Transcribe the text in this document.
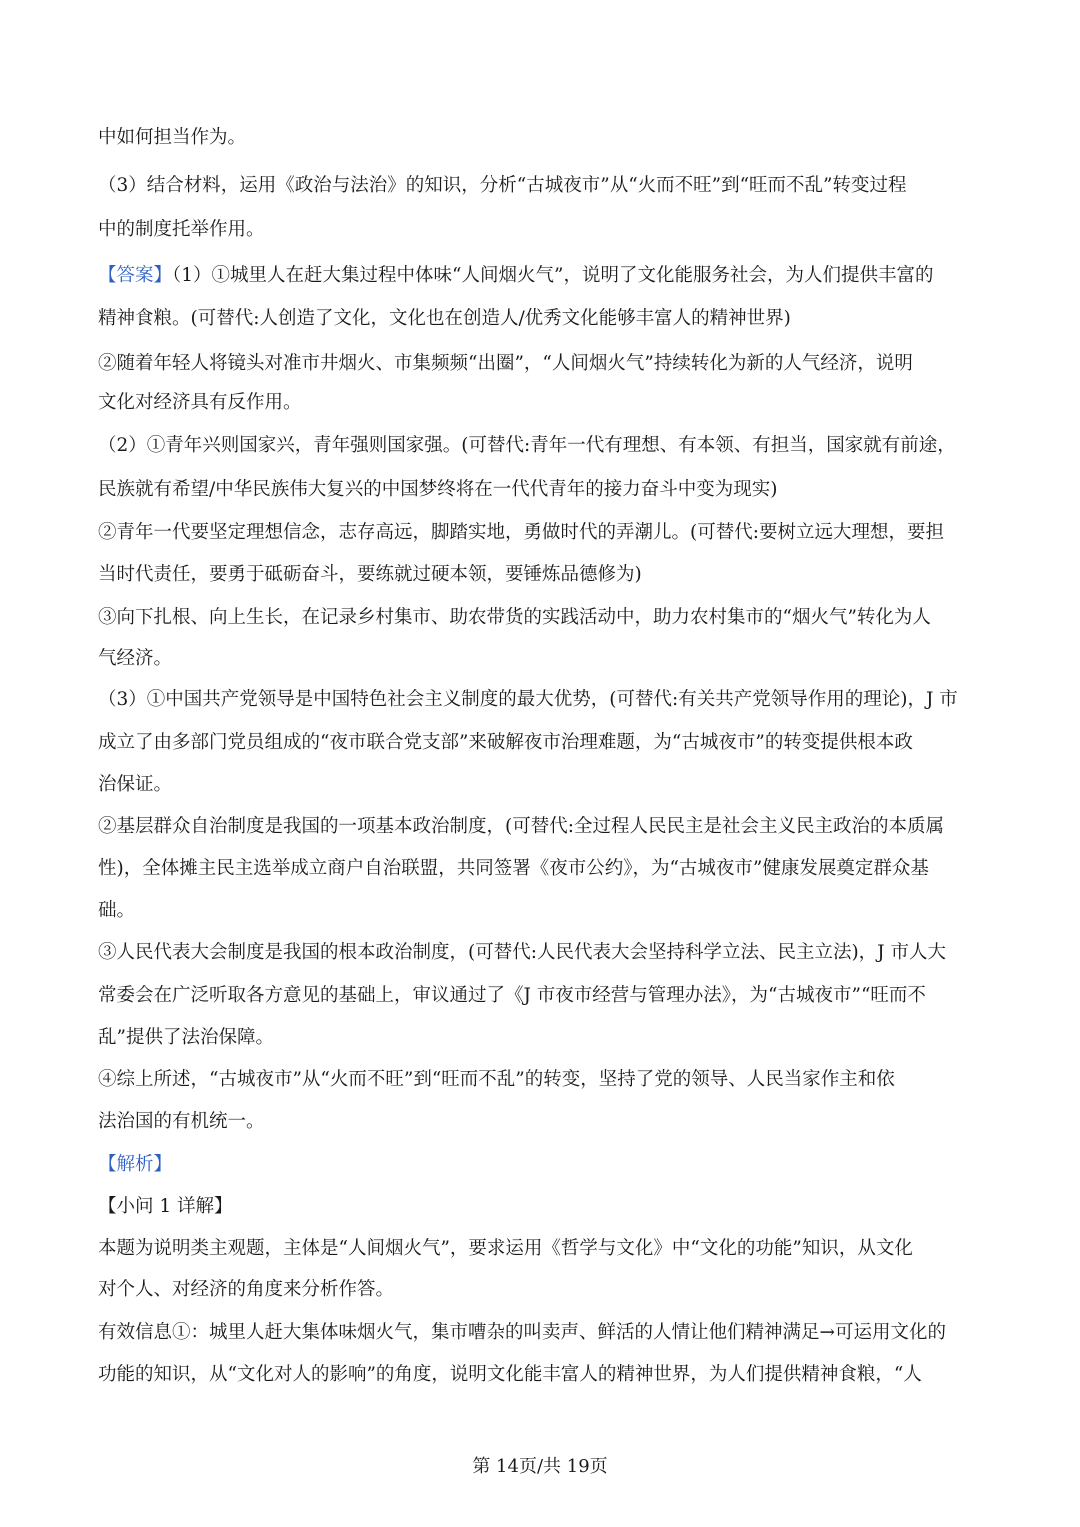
中如何担当作为。
（3）结合材料，运用《政治与法治》的知识，分析“古城夜市”从“火而不旺”到“旺而不乱”转变过程
中的制度托举作用。
【答案】（1）①城里人在赶大集过程中体味“人间烟火气”，说明了文化能服务社会，为人们提供丰富的
精神食粮。(可替代:人创造了文化，文化也在创造人/优秀文化能够丰富人的精神世界)
②随着年轻人将镜头对准市井烟火、市集频频“出圈”，“人间烟火气”持续转化为新的人气经济，说明
文化对经济具有反作用。
（2）①青年兴则国家兴，青年强则国家强。(可替代:青年一代有理想、有本领、有担当，国家就有前途，
民族就有希望/中华民族伟大复兴的中国梦终将在一代代青年的接力奋斗中变为现实)
②青年一代要坚定理想信念，志存高远，脚踏实地，勇做时代的弄潮儿。(可替代:要树立远大理想，要担
当时代责任，要勇于砥砺奋斗，要练就过硬本领，要锤炼品德修为)
③向下扎根、向上生长，在记录乡村集市、助农带货的实践活动中，助力农村集市的“烟火气”转化为人
气经济。
（3）①中国共产党领导是中国特色社会主义制度的最大优势，(可替代:有关共产党领导作用的理论)，J 市
成立了由多部门党员组成的“夜市联合党支部”来破解夜市治理难题，为“古城夜市”的转变提供根本政
治保证。
②基层群众自治制度是我国的一项基本政治制度，(可替代:全过程人民民主是社会主义民主政治的本质属
性)，全体摊主民主选举成立商户自治联盟，共同签署《夜市公约》，为“古城夜市”健康发展奠定群众基
础。
③人民代表大会制度是我国的根本政治制度，(可替代:人民代表大会坚持科学立法、民主立法)，J 市人大
常委会在广泛听取各方意见的基础上，审议通过了《J 市夜市经营与管理办法》，为“古城夜市”“旺而不
乱”提供了法治保障。
④综上所述，“古城夜市”从“火而不旺”到“旺而不乱”的转变，坚持了党的领导、人民当家作主和依
法治国的有机统一。
【解析】
【小问 1 详解】
本题为说明类主观题，主体是“人间烟火气”，要求运用《哲学与文化》中“文化的功能”知识，从文化
对个人、对经济的角度来分析作答。
有效信息①：城里人赶大集体味烟火气，集市嘈杂的叫卖声、鲜活的人情让他们精神满足→可运用文化的
功能的知识，从“文化对人的影响”的角度，说明文化能丰富人的精神世界，为人们提供精神食粮，“人
第 14页/共 19页
